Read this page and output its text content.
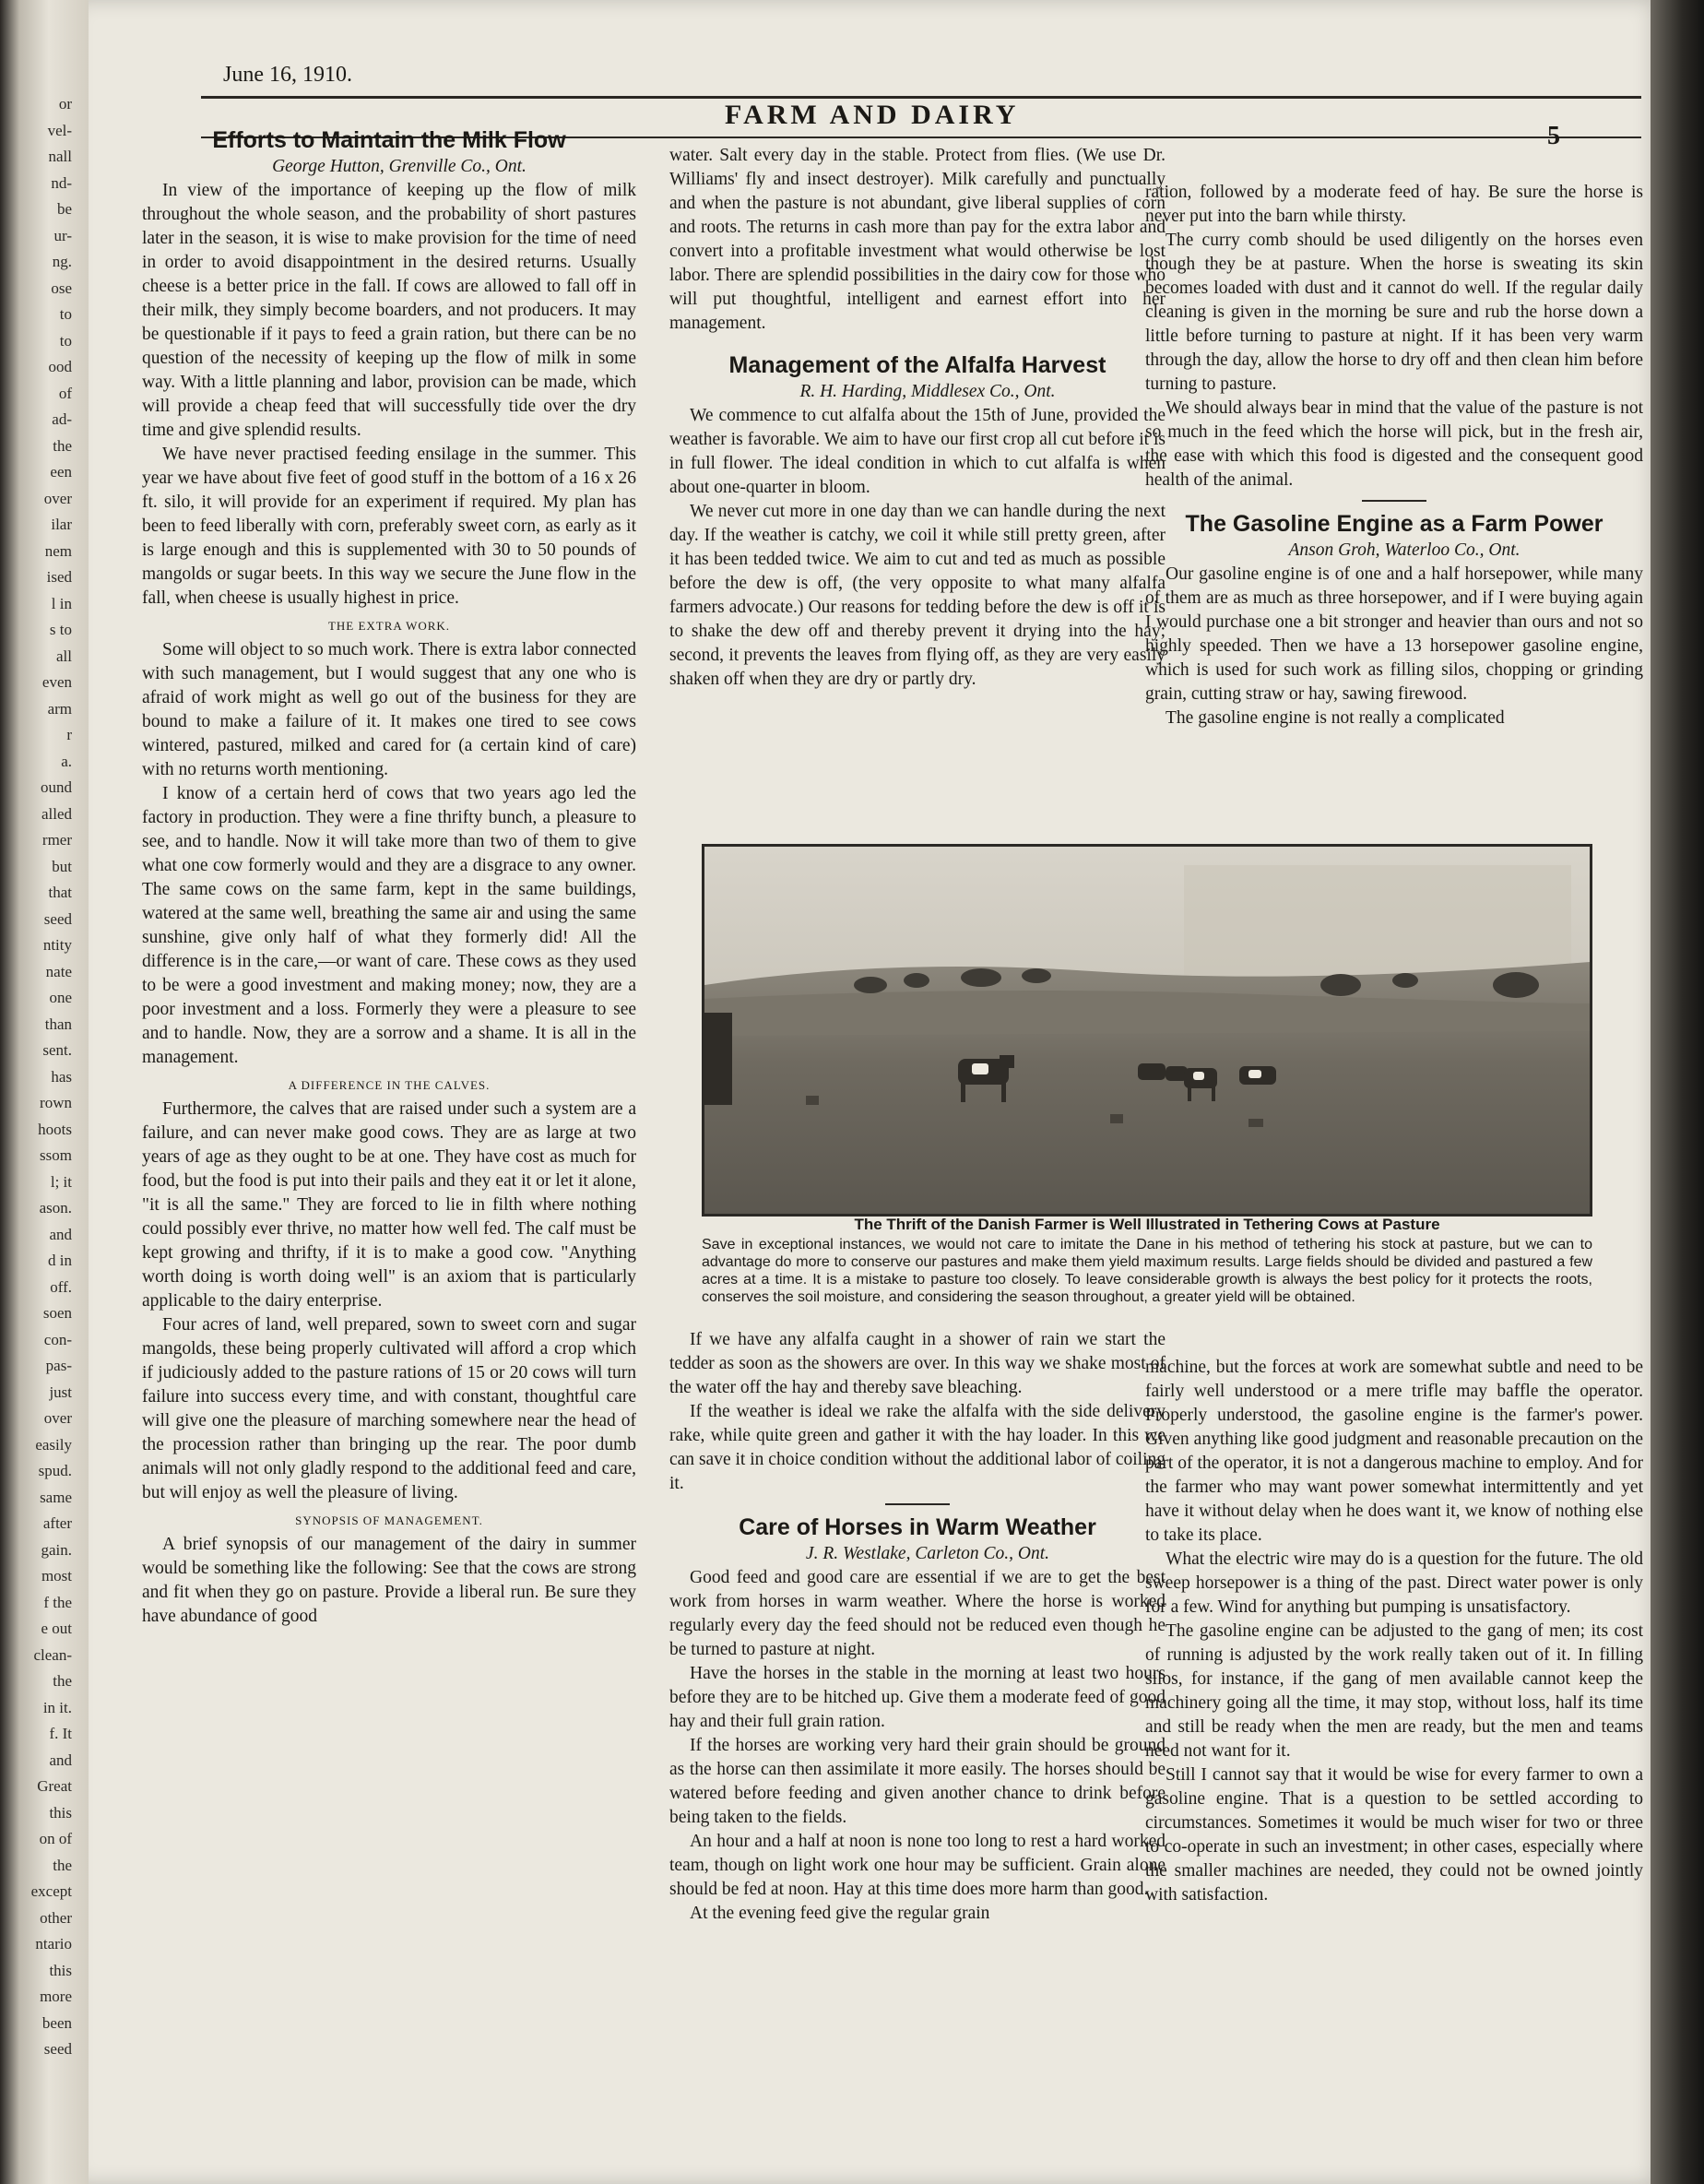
or
vel-
nall
nd-
be
ur-
ng.
ose
to
to
ood
of
ad-
the
een
over
ilar
nem
ised
l in
s to
all
even
arm
r
a.
ound
alled
rmer
but
that
seed
ntity
nate
one
than
sent.
has
rown
hoots
ssom
l; it
ason.
and
d in
off.
soen
con-
pas-
just
over
easily
spud.
same
after
gain.
most
f the
e out
clean-
the
in it.
f. It
and
Great
this
on of
the
except
other
ntario
this
more
been
seed
June 16, 1910.
FARM AND DAIRY
5
Efforts to Maintain the Milk Flow

George Hutton, Grenville Co., Ont.

In view of the importance of keeping up the flow of milk throughout the whole season, and the probability of short pastures later in the season, it is wise to make provision for the time of need in order to avoid disappointment in the desired returns. Usually cheese is a better price in the fall. If cows are allowed to fall off in their milk, they simply become boarders, and not producers. It may be questionable if it pays to feed a grain ration, but there can be no question of the necessity of keeping up the flow of milk in some way. With a little planning and labor, provision can be made, which will provide a cheap feed that will successfully tide over the dry time and give splendid results.

We have never practised feeding ensilage in the summer. This year we have about five feet of good stuff in the bottom of a 16 x 26 ft. silo, it will provide for an experiment if required. My plan has been to feed liberally with corn, preferably sweet corn, as early as it is large enough and this is supplemented with 30 to 50 pounds of mangolds or sugar beets. In this way we secure the June flow in the fall, when cheese is usually highest in price.

THE EXTRA WORK.

Some will object to so much work. There is extra labor connected with such management, but I would suggest that any one who is afraid of work might as well go out of the business for they are bound to make a failure of it. It makes one tired to see cows wintered, pastured, milked and cared for (a certain kind of care) with no returns worth mentioning.

I know of a certain herd of cows that two years ago led the factory in production. They were a fine thrifty bunch, a pleasure to see, and to handle. Now it will take more than two of them to give what one cow formerly would and they are a disgrace to any owner. The same cows on the same farm, kept in the same buildings, watered at the same well, breathing the same air and using the same sunshine, give only half of what they formerly did! All the difference is in the care,—or want of care. These cows as they used to be were a good investment and making money; now, they are a poor investment and a loss. Formerly they were a pleasure to see and to handle. Now, they are a sorrow and a shame. It is all in the management.

A DIFFERENCE IN THE CALVES.

Furthermore, the calves that are raised under such a system are a failure, and can never make good cows. They are as large at two years of age as they ought to be at one. They have cost as much for food, but the food is put into their pails and they eat it or let it alone, "it is all the same." They are forced to lie in filth where nothing could possibly ever thrive, no matter how well fed. The calf must be kept growing and thrifty, if it is to make a good cow. "Anything worth doing is worth doing well" is an axiom that is particularly applicable to the dairy enterprise.

Four acres of land, well prepared, sown to sweet corn and sugar mangolds, these being properly cultivated will afford a crop which if judiciously added to the pasture rations of 15 or 20 cows will turn failure into success every time, and with constant, thoughtful care will give one the pleasure of marching somewhere near the head of the procession rather than bringing up the rear. The poor dumb animals will not only gladly respond to the additional feed and care, but will enjoy as well the pleasure of living.

SYNOPSIS OF MANAGEMENT.

A brief synopsis of our management of the dairy in summer would be something like the following: See that the cows are strong and fit when they go on pasture. Provide a liberal run. Be sure they have abundance of good

water. Salt every day in the stable. Protect from flies. (We use Dr. Williams' fly and insect destroyer). Milk carefully and punctually and when the pasture is not abundant, give liberal supplies of corn and roots. The returns in cash more than pay for the extra labor and convert into a profitable investment what would otherwise be lost labor. There are splendid possibilities in the dairy cow for those who will put thoughtful, intelligent and earnest effort into her management.

Management of the Alfalfa Harvest

R. H. Harding, Middlesex Co., Ont.

We commence to cut alfalfa about the 15th of June, provided the weather is favorable. We aim to have our first crop all cut before it is in full flower. The ideal condition in which to cut alfalfa is when about one-quarter in bloom.

We never cut more in one day than we can handle during the next day. If the weather is catchy, we coil it while still pretty green, after it has been tedded twice. We aim to cut and ted as much as possible before the dew is off, (the very opposite to what many alfalfa farmers advocate.) Our reasons for tedding before the dew is off it is to shake the dew off and thereby prevent it drying into the hay; second, it prevents the leaves from flying off, as they are very easily shaken off when they are dry or partly dry.

ration, followed by a moderate feed of hay. Be sure the horse is never put into the barn while thirsty.

The curry comb should be used diligently on the horses even though they be at pasture. When the horse is sweating its skin becomes loaded with dust and it cannot do well. If the regular daily cleaning is given in the morning be sure and rub the horse down a little before turning to pasture at night. If it has been very warm through the day, allow the horse to dry off and then clean him before turning to pasture.

We should always bear in mind that the value of the pasture is not so much in the feed which the horse will pick, but in the fresh air, the ease with which this food is digested and the consequent good health of the animal.

The Gasoline Engine as a Farm Power

Anson Groh, Waterloo Co., Ont.

Our gasoline engine is of one and a half horsepower, while many of them are as much as three horsepower, and if I were buying again I would purchase one a bit stronger and heavier than ours and not so highly speeded. Then we have a 13 horsepower gasoline engine, which is used for such work as filling silos, chopping or grinding grain, cutting straw or hay, sawing firewood.

The gasoline engine is not really a complicated

The Thrift of the Danish Farmer is Well Illustrated in Tethering Cows at Pasture
Save in exceptional instances, we would not care to imitate the Dane in his method of tethering his stock at pasture, but we can to advantage do more to conserve our pastures and make them yield maximum results. Large fields should be divided and pastured a few acres at a time. It is a mistake to pasture too closely. To leave considerable growth is always the best policy for it protects the roots, conserves the soil moisture, and considering the season throughout, a greater yield will be obtained.

If we have any alfalfa caught in a shower of rain we start the tedder as soon as the showers are over. In this way we shake most of the water off the hay and thereby save bleaching.

If the weather is ideal we rake the alfalfa with the side delivery rake, while quite green and gather it with the hay loader. In this we can save it in choice condition without the additional labor of coiling it.

Care of Horses in Warm Weather

J. R. Westlake, Carleton Co., Ont.

Good feed and good care are essential if we are to get the best work from horses in warm weather. Where the horse is worked regularly every day the feed should not be reduced even though he be turned to pasture at night.

Have the horses in the stable in the morning at least two hours before they are to be hitched up. Give them a moderate feed of good hay and their full grain ration.

If the horses are working very hard their grain should be ground as the horse can then assimilate it more easily. The horses should be watered before feeding and given another chance to drink before being taken to the fields.

An hour and a half at noon is none too long to rest a hard worked team, though on light work one hour may be sufficient. Grain alone should be fed at noon. Hay at this time does more harm than good.

At the evening feed give the regular grain

machine, but the forces at work are somewhat subtle and need to be fairly well understood or a mere trifle may baffle the operator. Properly understood, the gasoline engine is the farmer's power. Given anything like good judgment and reasonable precaution on the part of the operator, it is not a dangerous machine to employ. And for the farmer who may want power somewhat intermittently and yet have it without delay when he does want it, we know of nothing else to take its place.

What the electric wire may do is a question for the future. The old sweep horsepower is a thing of the past. Direct water power is only for a few. Wind for anything but pumping is unsatisfactory.

The gasoline engine can be adjusted to the gang of men; its cost of running is adjusted by the work really taken out of it. In filling silos, for instance, if the gang of men available cannot keep the machinery going all the time, it may stop, without loss, half its time and still be ready when the men are ready, but the men and teams need not want for it.

Still I cannot say that it would be wise for every farmer to own a gasoline engine. That is a question to be settled according to circumstances. Sometimes it would be much wiser for two or three to co-operate in such an investment; in other cases, especially where the smaller machines are needed, they could not be owned jointly with satisfaction.
